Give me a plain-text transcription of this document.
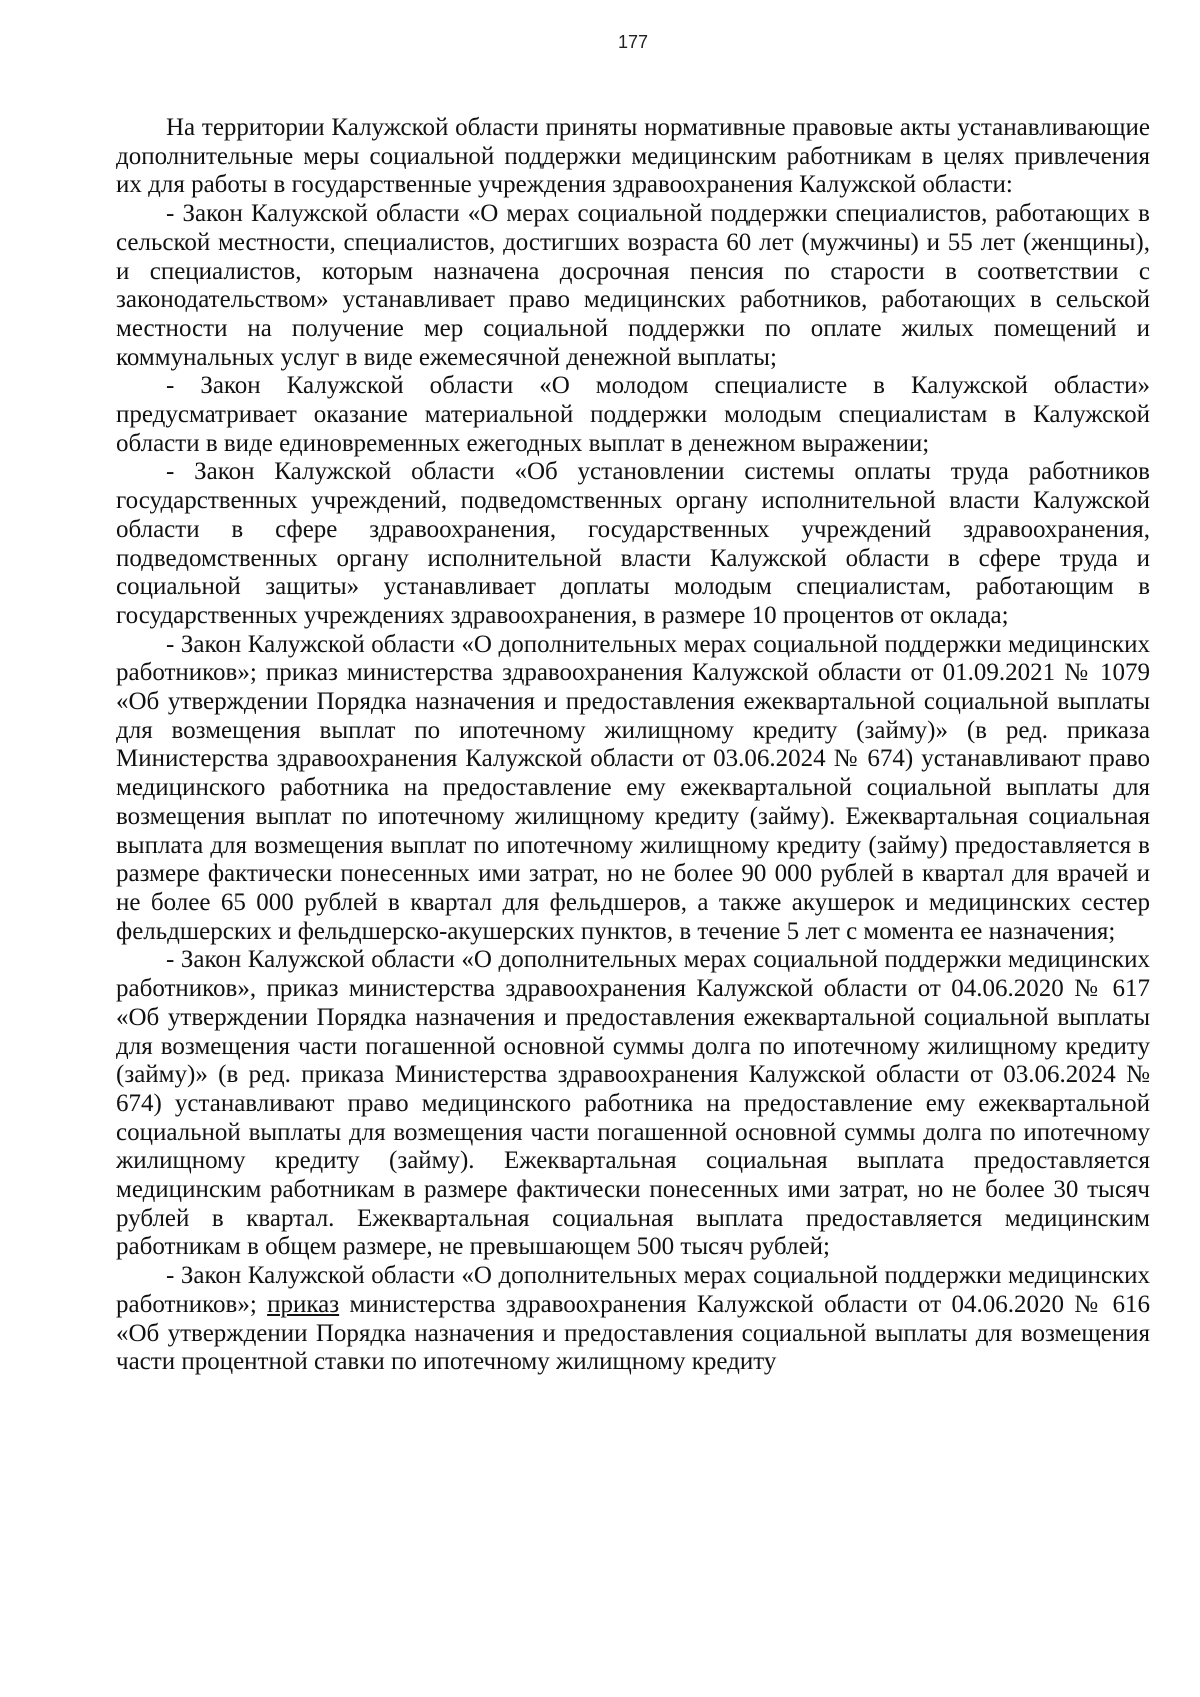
177

На территории Калужской области приняты нормативные правовые акты устанавливающие дополнительные меры социальной поддержки медицинским работникам в целях привлечения их для работы в государственные учреждения здравоохранения Калужской области:

- Закон Калужской области «О мерах социальной поддержки специалистов, работающих в сельской местности, специалистов, достигших возраста 60 лет (мужчины) и 55 лет (женщины), и специалистов, которым назначена досрочная пенсия по старости в соответствии с законодательством» устанавливает право медицинских работников, работающих в сельской местности на получение мер социальной поддержки по оплате жилых помещений и коммунальных услуг в виде ежемесячной денежной выплаты;

- Закон Калужской области «О молодом специалисте в Калужской области» предусматривает оказание материальной поддержки молодым специалистам в Калужской области в виде единовременных ежегодных выплат в денежном выражении;

- Закон Калужской области «Об установлении системы оплаты труда работников государственных учреждений, подведомственных органу исполнительной власти Калужской области в сфере здравоохранения, государственных учреждений здравоохранения, подведомственных органу исполнительной власти Калужской области в сфере труда и социальной защиты» устанавливает доплаты молодым специалистам, работающим в государственных учреждениях здравоохранения, в размере 10 процентов от оклада;

- Закон Калужской области «О дополнительных мерах социальной поддержки медицинских работников»; приказ министерства здравоохранения Калужской области от 01.09.2021 № 1079 «Об утверждении Порядка назначения и предоставления ежеквартальной социальной выплаты для возмещения выплат по ипотечному жилищному кредиту (займу)» (в ред. приказа Министерства здравоохранения Калужской области от 03.06.2024 № 674) устанавливают право медицинского работника на предоставление ему ежеквартальной социальной выплаты для возмещения выплат по ипотечному жилищному кредиту (займу). Ежеквартальная социальная выплата для возмещения выплат по ипотечному жилищному кредиту (займу) предоставляется в размере фактически понесенных ими затрат, но не более 90 000 рублей в квартал для врачей и не более 65 000 рублей в квартал для фельдшеров, а также акушерок и медицинских сестер фельдшерских и фельдшерско-акушерских пунктов, в течение 5 лет с момента ее назначения;

- Закон Калужской области «О дополнительных мерах социальной поддержки медицинских работников», приказ министерства здравоохранения Калужской области от 04.06.2020 № 617 «Об утверждении Порядка назначения и предоставления ежеквартальной социальной выплаты для возмещения части погашенной основной суммы долга по ипотечному жилищному кредиту (займу)» (в ред. приказа Министерства здравоохранения Калужской области от 03.06.2024 № 674) устанавливают право медицинского работника на предоставление ему ежеквартальной социальной выплаты для возмещения части погашенной основной суммы долга по ипотечному жилищному кредиту (займу). Ежеквартальная социальная выплата предоставляется медицинским работникам в размере фактически понесенных ими затрат, но не более 30 тысяч рублей в квартал. Ежеквартальная социальная выплата предоставляется медицинским работникам в общем размере, не превышающем 500 тысяч рублей;

- Закон Калужской области «О дополнительных мерах социальной поддержки медицинских работников»; приказ министерства здравоохранения Калужской области от 04.06.2020 № 616 «Об утверждении Порядка назначения и предоставления социальной выплаты для возмещения части процентной ставки по ипотечному жилищному кредиту
